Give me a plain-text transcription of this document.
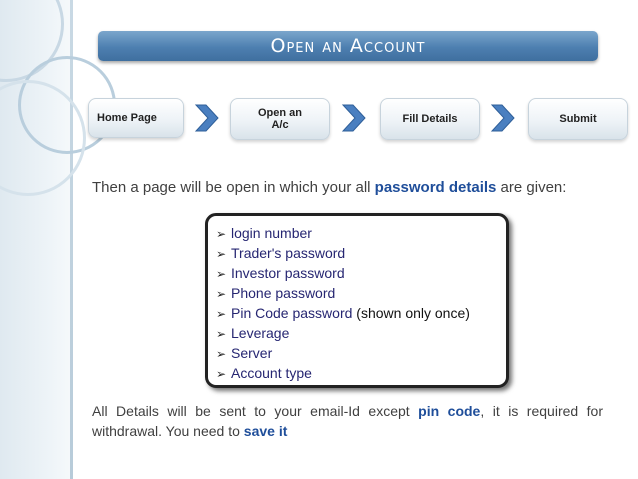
Open an Account
Home Page	Open an A/c	Fill Details	Submit
Then a page will be open in which your all password details are given:
➢ login number
➢ Trader's password
➢ Investor password
➢ Phone password
➢ Pin Code password (shown only once)
➢ Leverage
➢ Server
➢ Account type
All Details will be sent to your email-Id except pin code, it is required for withdrawal. You need to save it
